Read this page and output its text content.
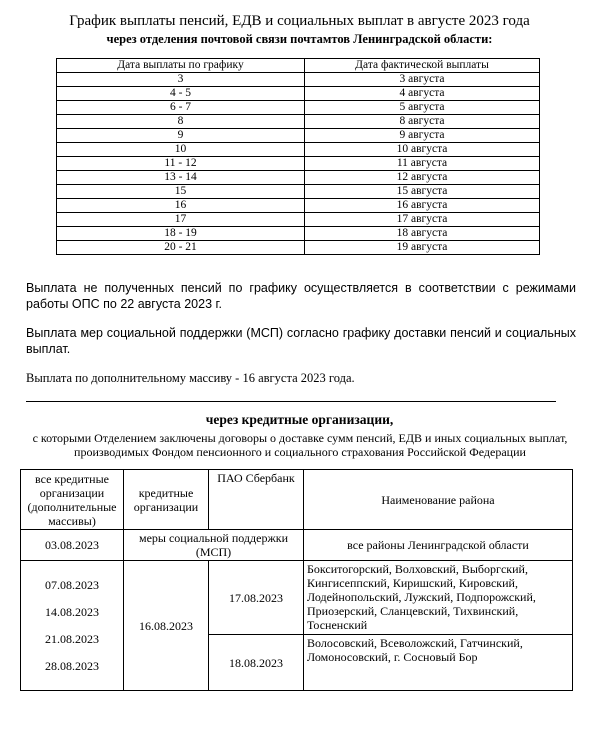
График выплаты пенсий, ЕДВ и социальных выплат в августе 2023 года
через отделения почтовой связи почтамтов Ленинградской области:
Дата выплаты по графику	Дата фактической выплаты
3	3 августа
4 - 5	4 августа
6 - 7	5 августа
8	8 августа
9	9 августа
10	10 августа
11 - 12	11 августа
13 - 14	12 августа
15	15 августа
16	16 августа
17	17 августа
18 - 19	18 августа
20 - 21	19 августа
Выплата не полученных пенсий по графику осуществляется в соответствии с режимами работы ОПС по 22 августа 2023 г.
Выплата мер социальной поддержки (МСП) согласно графику доставки пенсий и социальных выплат.
Выплата по дополнительному массиву - 16 августа 2023 года.
через кредитные организации,
с которыми Отделением заключены договоры о доставке сумм пенсий, ЕДВ и иных социальных выплат, производимых Фондом пенсионного и социального страхования Российской Федерации
все кредитные организации (дополнительные массивы)	кредитные организации	ПАО Сбербанк	Наименование района
03.08.2023	меры социальной поддержки (МСП)		все районы Ленинградской области

07.08.2023
14.08.2023
21.08.2023
28.08.2023	16.08.2023	17.08.2023	Бокситогорский, Волховский, Выборгский, Кингисеппский, Киришский, Кировский, Лодейнопольский, Лужский, Подпорожский, Приозерский, Сланцевский, Тихвинский, Тосненский
		18.08.2023	Волосовский, Всеволожский, Гатчинский, Ломоносовский, г. Сосновый Бор
